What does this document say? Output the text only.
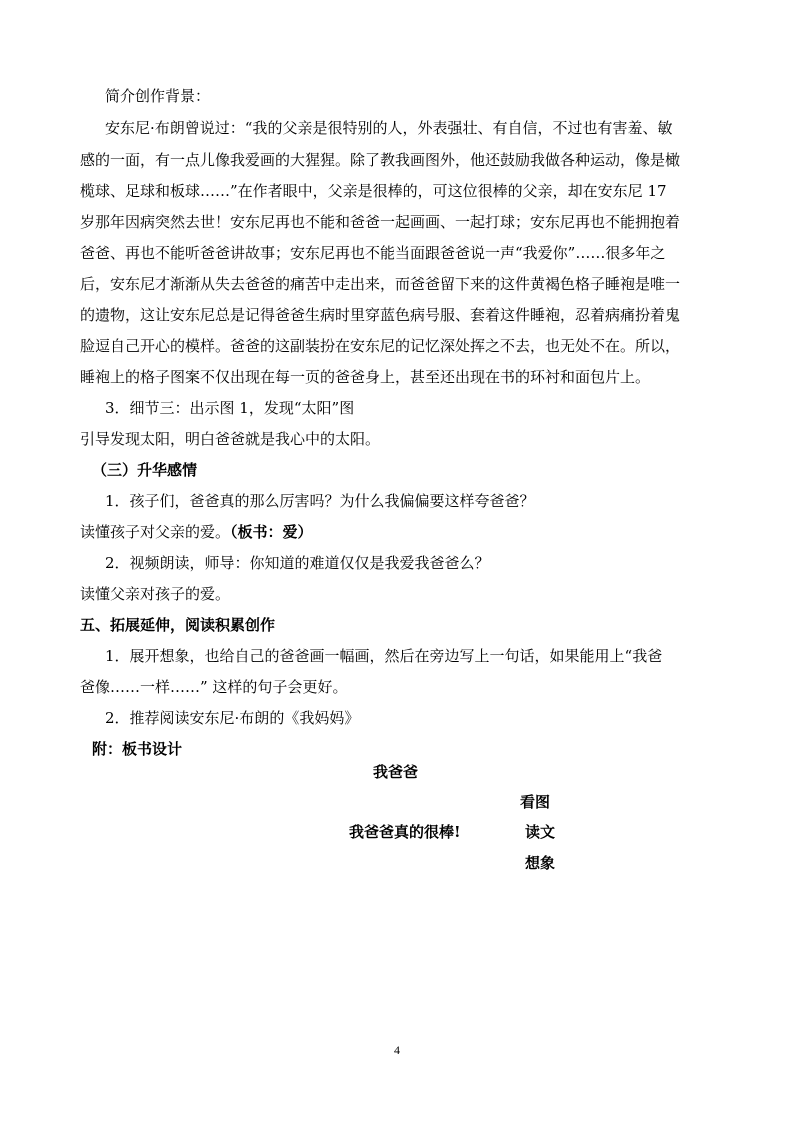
简介创作背景：
安东尼·布朗曾说过：“我的父亲是很特别的人，外表强壮、有自信，不过也有害羞、敏
感的一面，有一点儿像我爱画的大猩猩。除了教我画图外，他还鼓励我做各种运动，像是橄
榄球、足球和板球……”在作者眼中，父亲是很棒的，可这位很棒的父亲，却在安东尼 17
岁那年因病突然去世！安东尼再也不能和爸爸一起画画、一起打球；安东尼再也不能拥抱着
爸爸、再也不能听爸爸讲故事；安东尼再也不能当面跟爸爸说一声“我爱你”……很多年之
后，安东尼才渐渐从失去爸爸的痛苦中走出来，而爸爸留下来的这件黄褐色格子睡袍是唯一
的遗物，这让安东尼总是记得爸爸生病时里穿蓝色病号服、套着这件睡袍，忍着病痛扮着鬼
脸逗自己开心的模样。爸爸的这副装扮在安东尼的记忆深处挥之不去，也无处不在。所以，
睡袍上的格子图案不仅出现在每一页的爸爸身上，甚至还出现在书的环衬和面包片上。
3．细节三：出示图 1，发现“太阳”图
引导发现太阳，明白爸爸就是我心中的太阳。
（三）升华感情
1．孩子们，爸爸真的那么厉害吗？为什么我偏偏要这样夸爸爸？
读懂孩子对父亲的爱。（板书：爱）
2．视频朗读，师导：你知道的难道仅仅是我爱我爸爸么？
读懂父亲对孩子的爱。
五、拓展延伸，阅读积累创作
1．展开想象，也给自己的爸爸画一幅画，然后在旁边写上一句话，如果能用上“我爸
爸像……一样……” 这样的句子会更好。
2．推荐阅读安东尼·布朗的《我妈妈》
附：板书设计
我爸爸
看图
我爸爸真的很棒!	读文
想象
4
